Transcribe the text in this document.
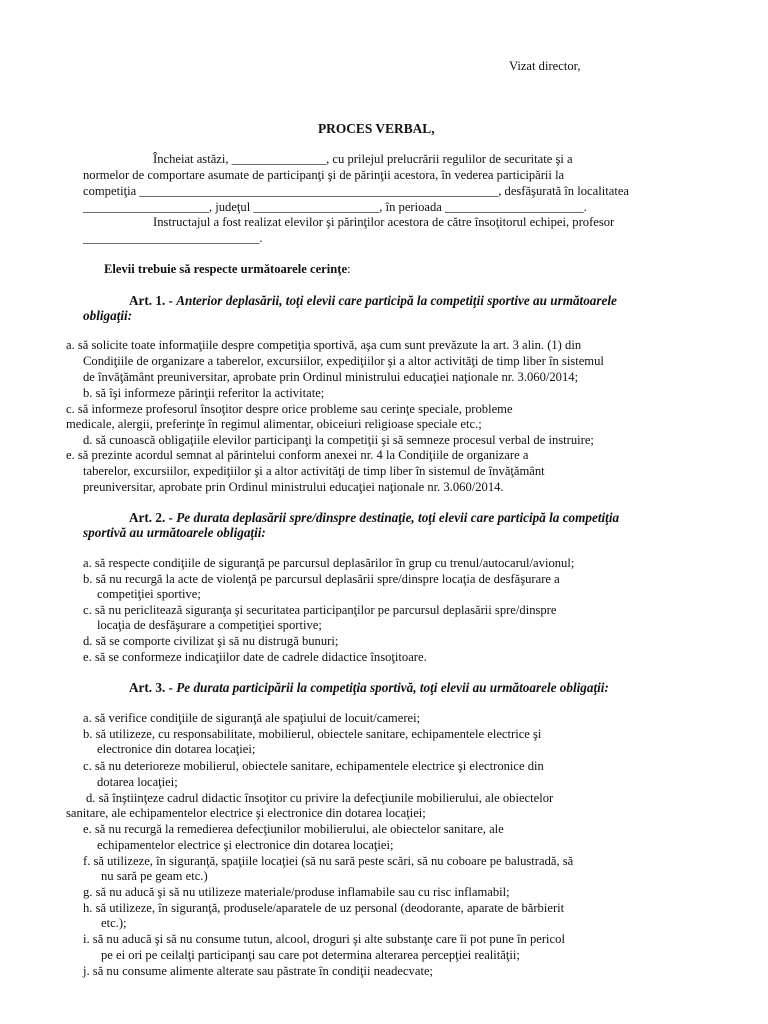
Vizat director,
PROCES VERBAL,
Încheiat astăzi, _______________, cu prilejul prelucrării regulilor de securitate şi a
normelor de comportare asumate de participanţi şi de părinţii acestora, în vederea participării la
competiţia _________________________________________________________, desfăşurată în localitatea
____________________, judeţul ____________________, în perioada ______________________.
Instructajul a fost realizat elevilor şi părinţilor acestora de către însoţitorul echipei, profesor
____________________________.
Elevii trebuie să respecte următoarele cerinţe:
Art. 1. - Anterior deplasării, toţi elevii care participă la competiţii sportive au următoarele
obligaţii:
a. să solicite toate informaţiile despre competiţia sportivă, aşa cum sunt prevăzute la art. 3 alin. (1) din
Condiţiile de organizare a taberelor, excursiilor, expediţiilor şi a altor activităţi de timp liber în sistemul
de învăţământ preuniversitar, aprobate prin Ordinul ministrului educaţiei naţionale nr. 3.060/2014;
b. să îşi informeze părinţii referitor la activitate;
c. să informeze profesorul însoţitor despre orice probleme sau cerinţe speciale, probleme
medicale, alergii, preferinţe în regimul alimentar, obiceiuri religioase speciale etc.;
d. să cunoască obligaţiile elevilor participanţi la competiţii şi să semneze procesul verbal de instruire;
e. să prezinte acordul semnat al părintelui conform anexei nr. 4 la Condiţiile de organizare a
taberelor, excursiilor, expediţiilor şi a altor activităţi de timp liber în sistemul de învăţământ
preuniversitar, aprobate prin Ordinul ministrului educaţiei naţionale nr. 3.060/2014.
Art. 2. - Pe durata deplasării spre/dinspre destinaţie, toţi elevii care participă la competiţia
sportivă au următoarele obligaţii:
a. să respecte condiţiile de siguranţă pe parcursul deplasărilor în grup cu trenul/autocarul/avionul;
b. să nu recurgă la acte de violenţă pe parcursul deplasării spre/dinspre locaţia de desfăşurare a
competiţiei sportive;
c. să nu periclitează siguranţa şi securitatea participanţilor pe parcursul deplasării spre/dinspre
locaţia de desfăşurare a competiţiei sportive;
d. să se comporte civilizat şi să nu distrugă bunuri;
e. să se conformeze indicaţiilor date de cadrele didactice însoţitoare.
Art. 3. - Pe durata participării la competiţia sportivă, toţi elevii au următoarele obligaţii:
a. să verifice condiţiile de siguranţă ale spaţiului de locuit/camerei;
b. să utilizeze, cu responsabilitate, mobilierul, obiectele sanitare, echipamentele electrice şi
electronice din dotarea locaţiei;
c. să nu deterioreze mobilierul, obiectele sanitare, echipamentele electrice şi electronice din
dotarea locaţiei;
d. să înştiinţeze cadrul didactic însoţitor cu privire la defecţiunile mobilierului, ale obiectelor
sanitare, ale echipamentelor electrice şi electronice din dotarea locaţiei;
e. să nu recurgă la remedierea defecţiunilor mobilierului, ale obiectelor sanitare, ale
echipamentelor electrice şi electronice din dotarea locaţiei;
f. să utilizeze, în siguranţă, spaţiile locaţiei (să nu sară peste scări, să nu coboare pe balustradă, să
nu sară pe geam etc.)
g. să nu aducă şi să nu utilizeze materiale/produse inflamabile sau cu risc inflamabil;
h. să utilizeze, în siguranţă, produsele/aparatele de uz personal (deodorante, aparate de bărbierit
etc.);
i. să nu aducă şi să nu consume tutun, alcool, droguri şi alte substanţe care îi pot pune în pericol
pe ei ori pe ceilalţi participanţi sau care pot determina alterarea percepţiei realităţii;
j. să nu consume alimente alterate sau păstrate în condiţii neadecvate;
